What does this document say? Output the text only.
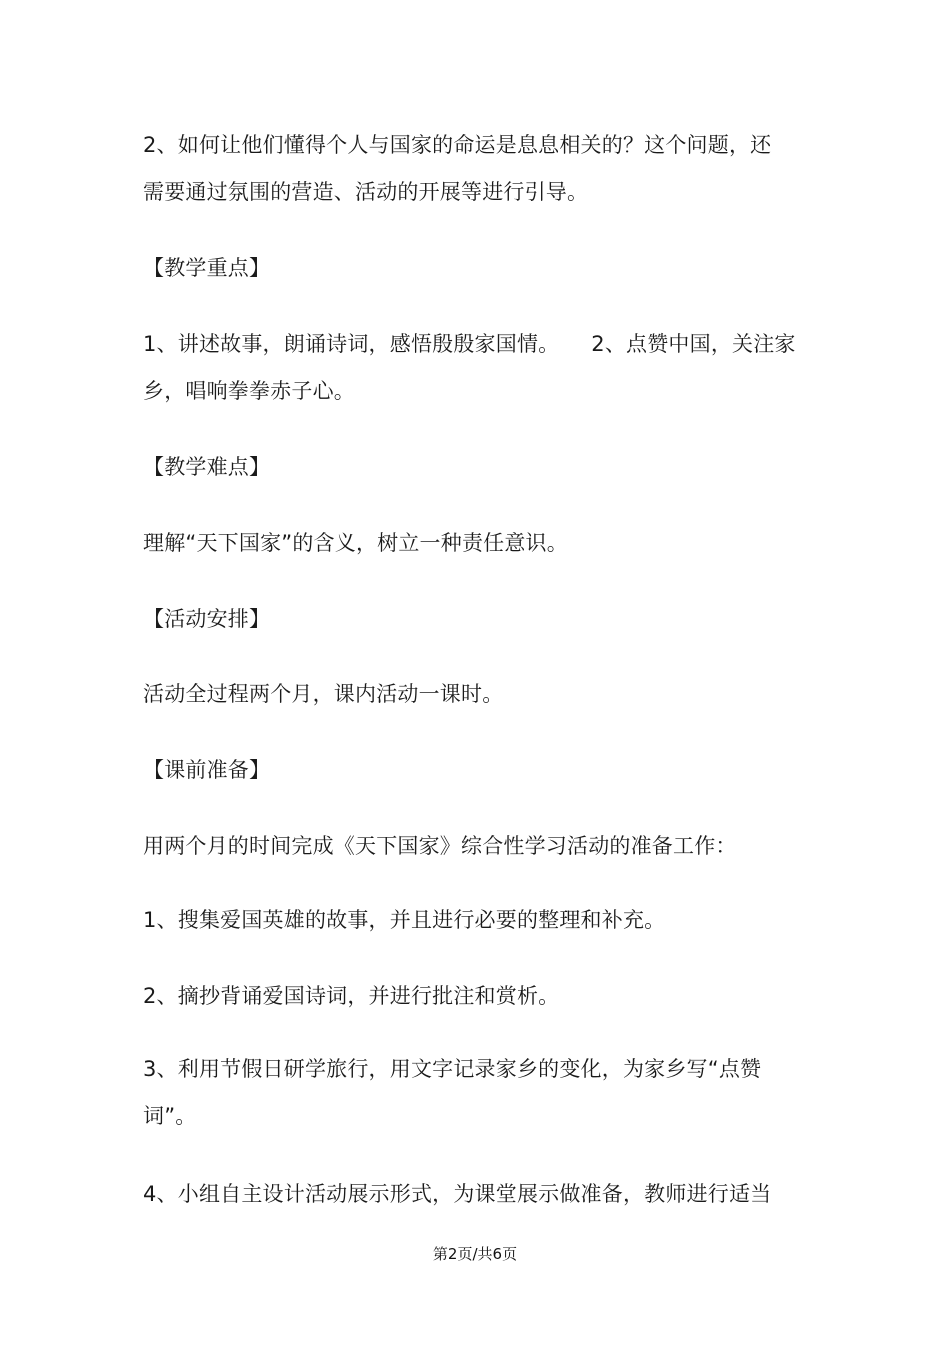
2、如何让他们懂得个人与国家的命运是息息相关的？这个问题，还
需要通过氛围的营造、活动的开展等进行引导。
【教学重点】
1、讲述故事，朗诵诗词，感悟殷殷家国情。　　2、点赞中国，关注家
乡，唱响拳拳赤子心。
【教学难点】
理解“天下国家”的含义，树立一种责任意识。
【活动安排】
活动全过程两个月，课内活动一课时。
【课前准备】
用两个月的时间完成《天下国家》综合性学习活动的准备工作：
1、搜集爱国英雄的故事，并且进行必要的整理和补充。
2、摘抄背诵爱国诗词，并进行批注和赏析。
3、利用节假日研学旅行，用文字记录家乡的变化，为家乡写“点赞
词”。
4、小组自主设计活动展示形式，为课堂展示做准备，教师进行适当
第2页/共6页
